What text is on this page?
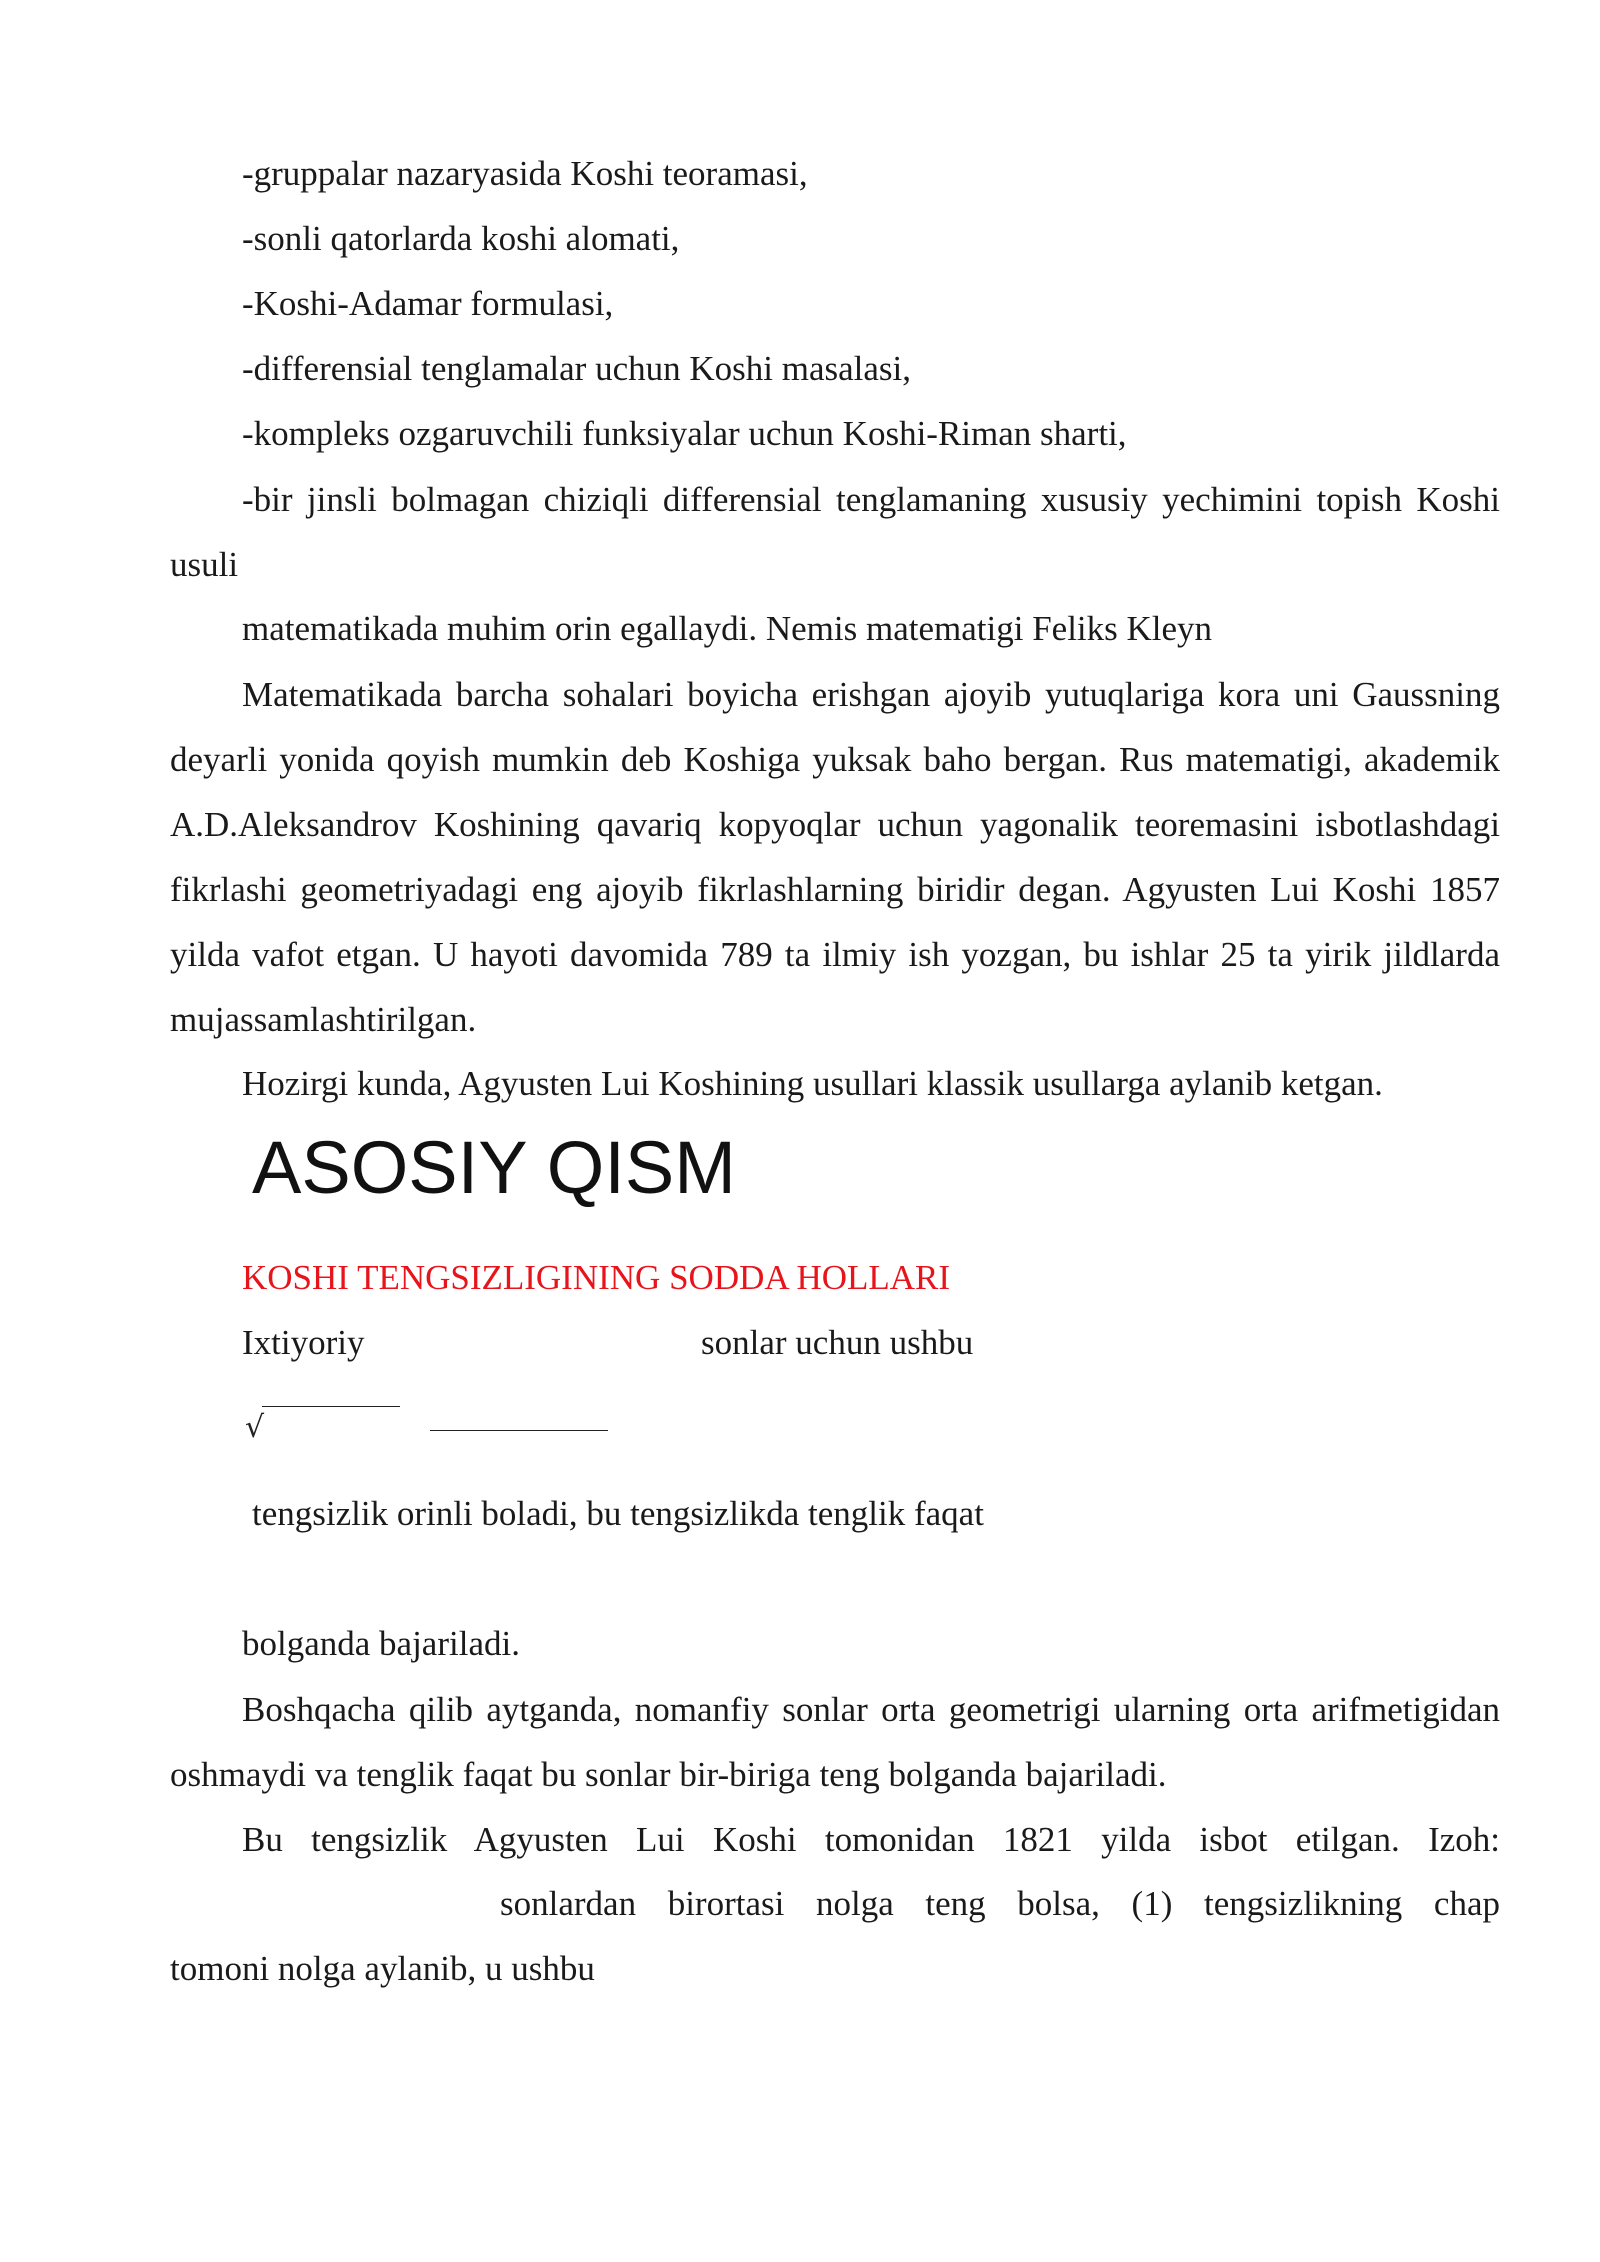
-gruppalar nazaryasida Koshi teoramasi,

-sonli qatorlarda koshi alomati,

-Koshi-Adamar formulasi,

-differensial tenglamalar uchun Koshi masalasi,

-kompleks ozgaruvchili funksiyalar uchun Koshi-Riman sharti,

-bir jinsli bolmagan chiziqli differensial tenglamaning xususiy yechimini topish Koshi usuli

matematikada muhim orin egallaydi. Nemis matematigi Feliks Kleyn

Matematikada barcha sohalari boyicha erishgan ajoyib yutuqlariga kora uni Gaussning deyarli yonida qoyish mumkin deb Koshiga yuksak baho bergan. Rus matematigi, akademik A.D.Aleksandrov Koshining qavariq kopyoqlar uchun yagonalik teoremasini isbotlashdagi fikrlashi geometriyadagi eng ajoyib fikrlashlarning biridir degan. Agyusten Lui Koshi 1857 yilda vafot etgan. U hayoti davomida 789 ta ilmiy ish yozgan, bu ishlar 25 ta yirik jildlarda mujassamlashtirilgan.

Hozirgi kunda, Agyusten Lui Koshining usullari klassik usullarga aylanib ketgan.

ASOSIY QISM
KOSHI TENGSIZLIGINING SODDA HOLLARI

Ixtiyoriy	sonlar uchun ushbu

√

tengsizlik orinli boladi, bu tengsizlikda tenglik faqat

bolganda bajariladi.

Boshqacha qilib aytganda, nomanfiy sonlar orta geometrigi ularning orta arifmetigidan oshmaydi va tenglik faqat bu sonlar bir-biriga teng bolganda bajariladi.

Bu tengsizlik Agyusten Lui Koshi tomonidan 1821 yilda isbot etilgan. Izoh:

sonlardan birortasi nolga teng bolsa, (1) tengsizlikning chap

tomoni nolga aylanib, u ushbu
